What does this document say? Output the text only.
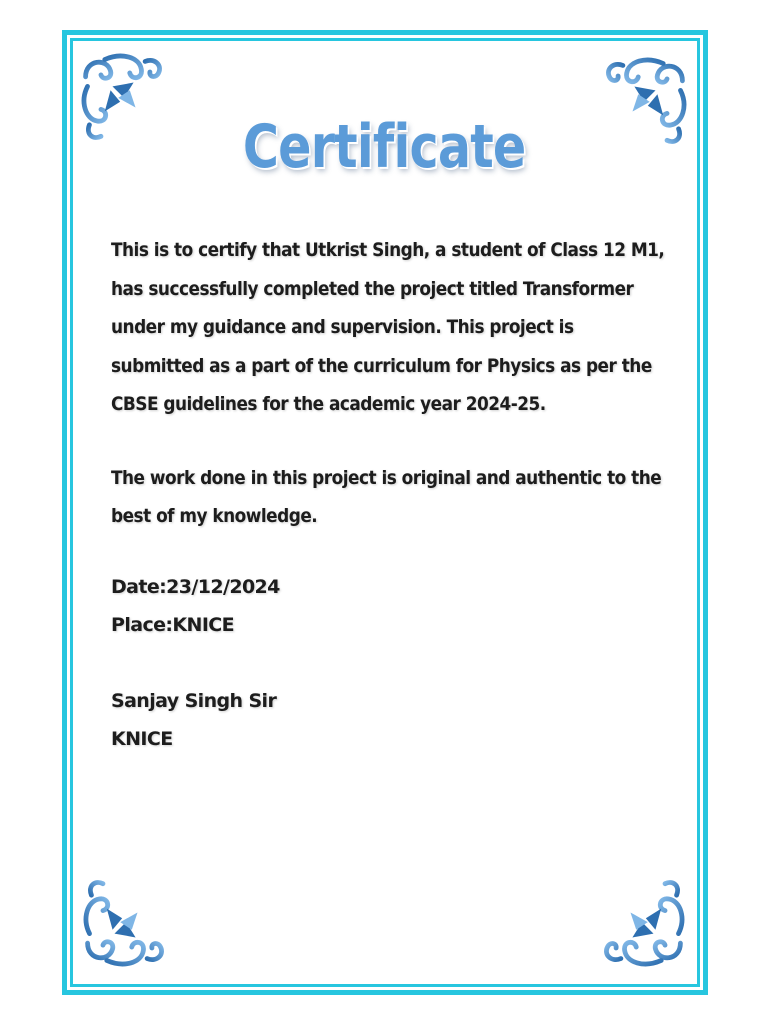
Certificate

This is to certify that Utkrist Singh, a student of Class 12 M1, has successfully completed the project titled Transformer under my guidance and supervision. This project is submitted as a part of the curriculum for Physics as per the CBSE guidelines for the academic year 2024-25.

The work done in this project is original and authentic to the best of my knowledge.

Date:23/12/2024
Place:KNICE
Sanjay Singh Sir
KNICE
